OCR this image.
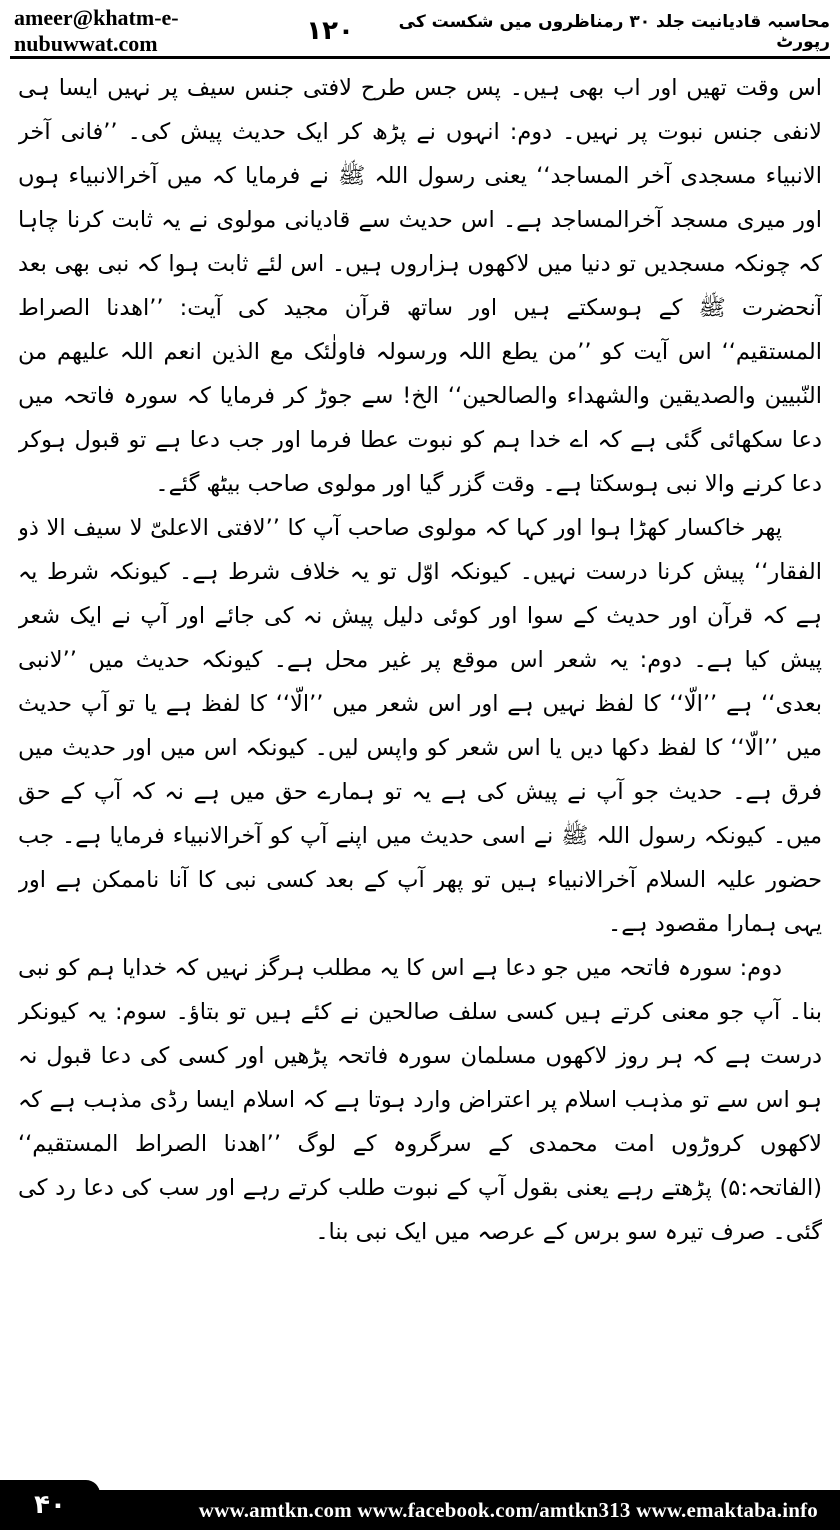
ameer@khatm-e-nubuwwat.com	۱۲۰	محاسبہ قادیانیت جلد ۳۰ رمناظروں میں شکست کی رپورٹ

اس وقت تھیں اور اب بھی ہیں۔ پس جس طرح لافتی جنس سیف پر نہیں ایسا ہی لانفی جنس نبوت پر نہیں۔ دوم: انہوں نے پڑھ کر ایک حدیث پیش کی۔ ’’فانی آخر الانبیاء مسجدی آخر المساجد‘‘ یعنی رسول اللہ ﷺ نے فرمایا کہ میں آخرالانبیاء ہوں اور میری مسجد آخرالمساجد ہے۔ اس حدیث سے قادیانی مولوی نے یہ ثابت کرنا چاہا کہ چونکہ مسجدیں تو دنیا میں لاکھوں ہزاروں ہیں۔ اس لئے ثابت ہوا کہ نبی بھی بعد آنحضرت ﷺ کے ہوسکتے ہیں اور ساتھ قرآن مجید کی آیت: ’’اھدنا الصراط المستقیم‘‘ اس آیت کو ’’من یطع اللہ ورسولہ فاولٰئک مع الذین انعم اللہ علیھم من النّبیین والصدیقین والشھداء والصالحین‘‘ الخ! سے جوڑ کر فرمایا کہ سورہ فاتحہ میں دعا سکھائی گئی ہے کہ اے خدا ہم کو نبوت عطا فرما اور جب دعا ہے تو قبول ہوکر دعا کرنے والا نبی ہوسکتا ہے۔ وقت گزر گیا اور مولوی صاحب بیٹھ گئے۔

پھر خاکسار کھڑا ہوا اور کہا کہ مولوی صاحب آپ کا ’’لافتی الاعلیّ لا سیف الا ذو الفقار‘‘ پیش کرنا درست نہیں۔ کیونکہ اوّل تو یہ خلاف شرط ہے۔ کیونکہ شرط یہ ہے کہ قرآن اور حدیث کے سوا اور کوئی دلیل پیش نہ کی جائے اور آپ نے ایک شعر پیش کیا ہے۔ دوم: یہ شعر اس موقع پر غیر محل ہے۔ کیونکہ حدیث میں ’’لانبی بعدی‘‘ ہے ’’الّا‘‘ کا لفظ نہیں ہے اور اس شعر میں ’’الّا‘‘ کا لفظ ہے یا تو آپ حدیث میں ’’الّا‘‘ کا لفظ دکھا دیں یا اس شعر کو واپس لیں۔ کیونکہ اس میں اور حدیث میں فرق ہے۔ حدیث جو آپ نے پیش کی ہے یہ تو ہمارے حق میں ہے نہ کہ آپ کے حق میں۔ کیونکہ رسول اللہ ﷺ نے اسی حدیث میں اپنے آپ کو آخرالانبیاء فرمایا ہے۔ جب حضور علیہ السلام آخرالانبیاء ہیں تو پھر آپ کے بعد کسی نبی کا آنا ناممکن ہے اور یہی ہمارا مقصود ہے۔

دوم: سورہ فاتحہ میں جو دعا ہے اس کا یہ مطلب ہرگز نہیں کہ خدایا ہم کو نبی بنا۔ آپ جو معنی کرتے ہیں کسی سلف صالحین نے کئے ہیں تو بتاؤ۔ سوم: یہ کیونکر درست ہے کہ ہر روز لاکھوں مسلمان سورہ فاتحہ پڑھیں اور کسی کی دعا قبول نہ ہو اس سے تو مذہب اسلام پر اعتراض وارد ہوتا ہے کہ اسلام ایسا رڈی مذہب ہے کہ لاکھوں کروڑوں امت محمدی کے سرگروہ کے لوگ ’’اھدنا الصراط المستقیم‘‘ (الفاتحہ:۵) پڑھتے رہے یعنی بقول آپ کے نبوت طلب کرتے رہے اور سب کی دعا رد کی گئی۔ صرف تیرہ سو برس کے عرصہ میں ایک نبی بنا۔

www.amtkn.com www.facebook.com/amtkn313 www.emaktaba.info
۴۰
